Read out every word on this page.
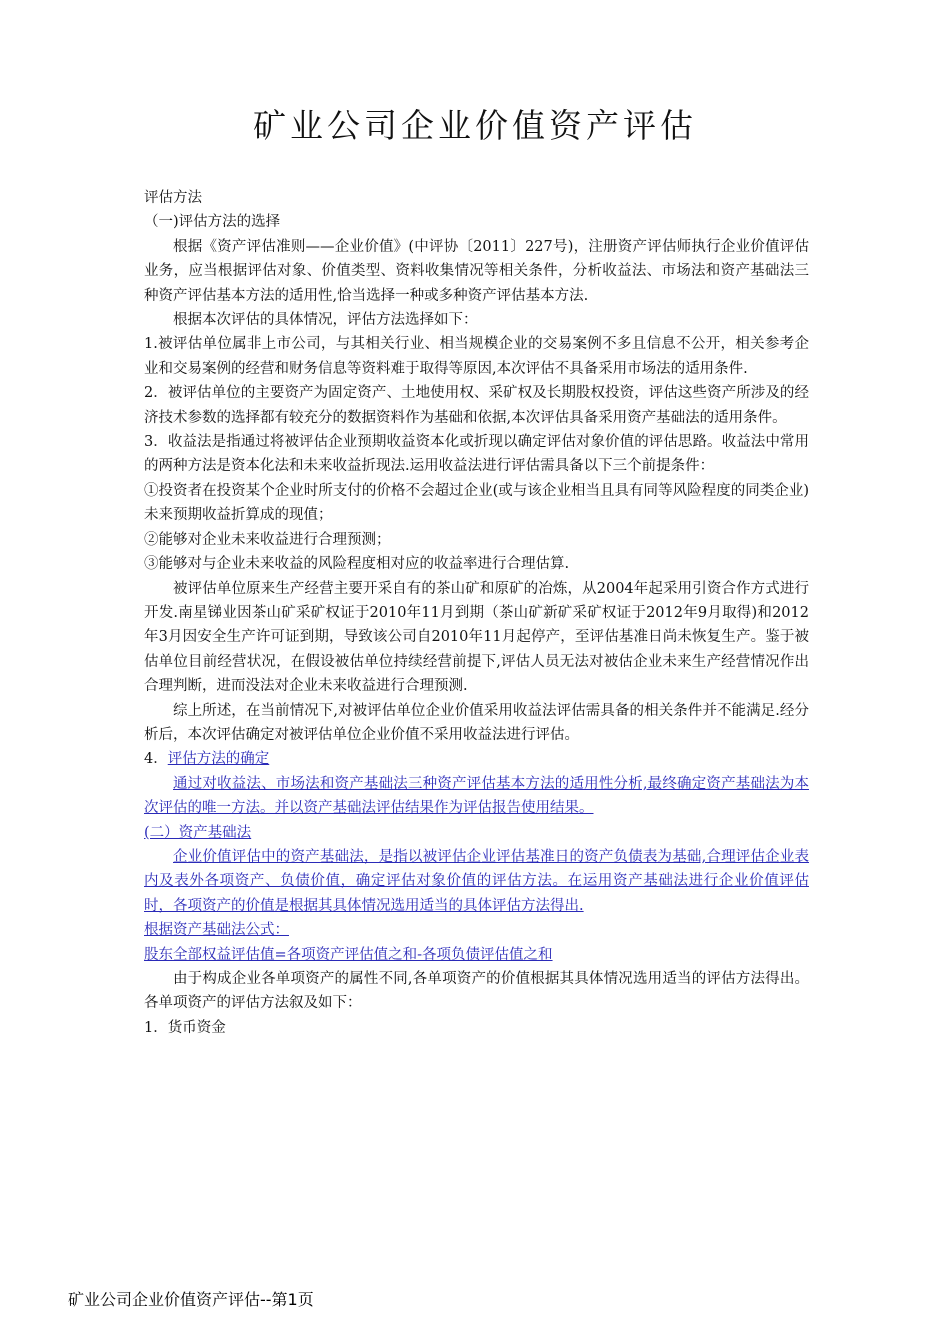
矿业公司企业价值资产评估

评估方法

（一)评估方法的选择

根据《资产评估准则——企业价值》(中评协〔2011〕227号)，注册资产评估师执行企业价值评估业务，应当根据评估对象、价值类型、资料收集情况等相关条件，分析收益法、市场法和资产基础法三种资产评估基本方法的适用性,恰当选择一种或多种资产评估基本方法.

根据本次评估的具体情况，评估方法选择如下：

1.被评估单位属非上市公司，与其相关行业、相当规模企业的交易案例不多且信息不公开，相关参考企业和交易案例的经营和财务信息等资料难于取得等原因,本次评估不具备采用市场法的适用条件.

2．被评估单位的主要资产为固定资产、土地使用权、采矿权及长期股权投资，评估这些资产所涉及的经济技术参数的选择都有较充分的数据资料作为基础和依据,本次评估具备采用资产基础法的适用条件。

3．收益法是指通过将被评估企业预期收益资本化或折现以确定评估对象价值的评估思路。收益法中常用的两种方法是资本化法和未来收益折现法.运用收益法进行评估需具备以下三个前提条件：

①投资者在投资某个企业时所支付的价格不会超过企业(或与该企业相当且具有同等风险程度的同类企业)未来预期收益折算成的现值；

②能够对企业未来收益进行合理预测；

③能够对与企业未来收益的风险程度相对应的收益率进行合理估算.

被评估单位原来生产经营主要开采自有的茶山矿和原矿的冶炼，从2004年起采用引资合作方式进行开发.南星锑业因茶山矿采矿权证于2010年11月到期（茶山矿新矿采矿权证于2012年9月取得)和2012年3月因安全生产许可证到期，导致该公司自2010年11月起停产，至评估基准日尚未恢复生产。鉴于被估单位目前经营状况，在假设被估单位持续经营前提下,评估人员无法对被估企业未来生产经营情况作出合理判断，进而没法对企业未来收益进行合理预测.

综上所述，在当前情况下,对被评估单位企业价值采用收益法评估需具备的相关条件并不能满足.经分析后，本次评估确定对被评估单位企业价值不采用收益法进行评估。

4．评估方法的确定

通过对收益法、市场法和资产基础法三种资产评估基本方法的适用性分析,最终确定资产基础法为本次评估的唯一方法。并以资产基础法评估结果作为评估报告使用结果。

(二）资产基础法

企业价值评估中的资产基础法，是指以被评估企业评估基准日的资产负债表为基础,合理评估企业表内及表外各项资产、负债价值，确定评估对象价值的评估方法。在运用资产基础法进行企业价值评估时，各项资产的价值是根据其具体情况选用适当的具体评估方法得出.

根据资产基础法公式：

股东全部权益评估值=各项资产评估值之和-各项负债评估值之和

由于构成企业各单项资产的属性不同,各单项资产的价值根据其具体情况选用适当的评估方法得出。各单项资产的评估方法叙及如下：

1．货币资金

矿业公司企业价值资产评估--第1页
